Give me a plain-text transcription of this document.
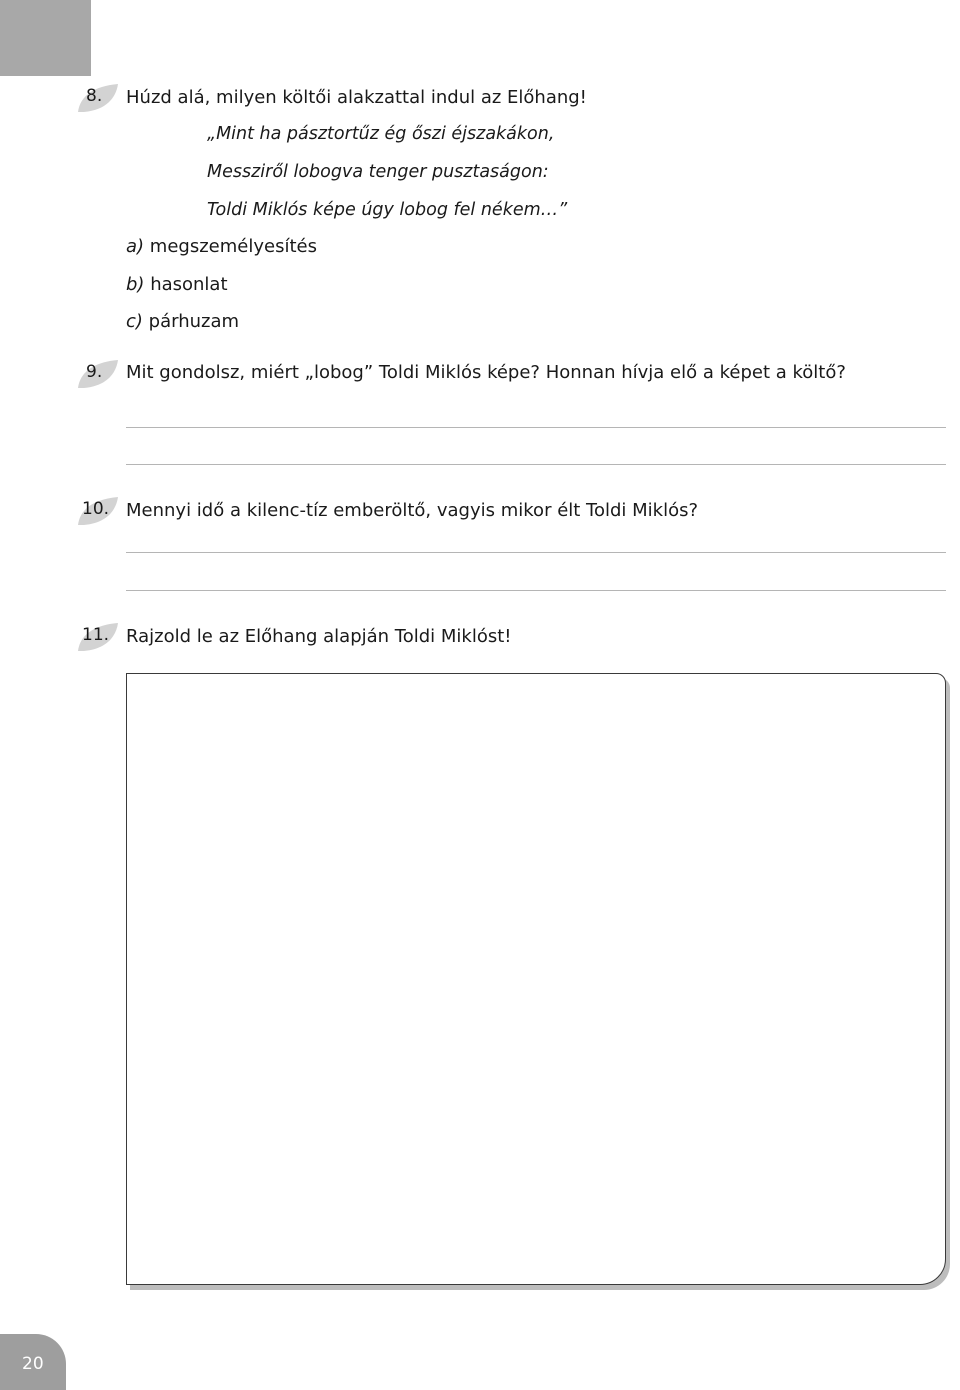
8. Húzd alá, milyen költői alakzattal indul az Előhang!
„Mint ha pásztortűz ég őszi éjszakákon,
Messziről lobogva tenger pusztaságon:
Toldi Miklós képe úgy lobog fel nékem…”
a) megszemélyesítés
b) hasonlat
c) párhuzam
9. Mit gondolsz, miért „lobog” Toldi Miklós képe? Honnan hívja elő a képet a költő?
10. Mennyi idő a kilenc-tíz emberöltő, vagyis mikor élt Toldi Miklós?
11. Rajzold le az Előhang alapján Toldi Miklóst!
20
